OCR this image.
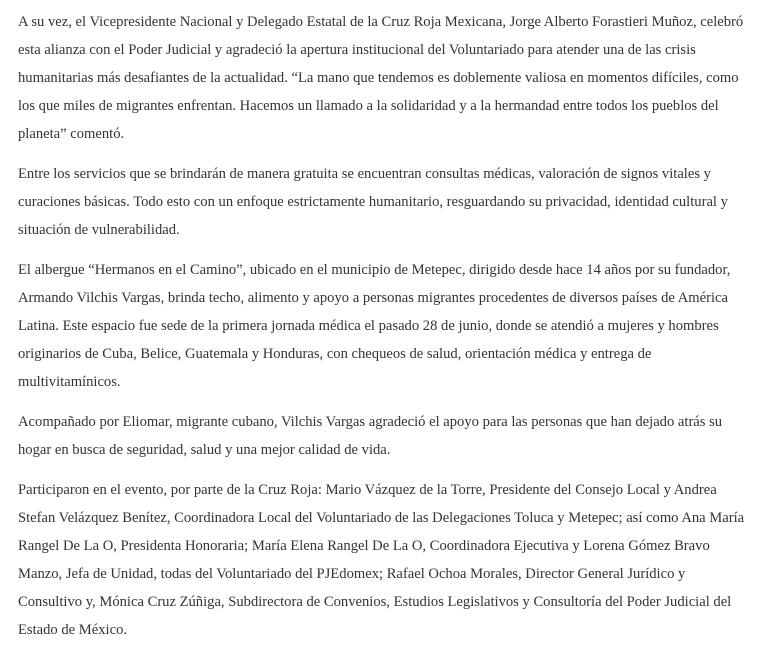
A su vez, el Vicepresidente Nacional y Delegado Estatal de la Cruz Roja Mexicana, Jorge Alberto Forastieri Muñoz, celebró esta alianza con el Poder Judicial y agradeció la apertura institucional del Voluntariado para atender una de las crisis humanitarias más desafiantes de la actualidad. “La mano que tendemos es doblemente valiosa en momentos difíciles, como los que miles de migrantes enfrentan. Hacemos un llamado a la solidaridad y a la hermandad entre todos los pueblos del planeta” comentó.

Entre los servicios que se brindarán de manera gratuita se encuentran consultas médicas, valoración de signos vitales y curaciones básicas. Todo esto con un enfoque estrictamente humanitario, resguardando su privacidad, identidad cultural y situación de vulnerabilidad.

El albergue “Hermanos en el Camino”, ubicado en el municipio de Metepec, dirigido desde hace 14 años por su fundador, Armando Vilchis Vargas, brinda techo, alimento y apoyo a personas migrantes procedentes de diversos países de América Latina. Este espacio fue sede de la primera jornada médica el pasado 28 de junio, donde se atendió a mujeres y hombres originarios de Cuba, Belice, Guatemala y Honduras, con chequeos de salud, orientación médica y entrega de multivitamínicos.

Acompañado por Eliomar, migrante cubano, Vilchis Vargas agradeció el apoyo para las personas que han dejado atrás su hogar en busca de seguridad, salud y una mejor calidad de vida.

Participaron en el evento, por parte de la Cruz Roja: Mario Vázquez de la Torre, Presidente del Consejo Local y Andrea Stefan Velázquez Benítez, Coordinadora Local del Voluntariado de las Delegaciones Toluca y Metepec; así como Ana María Rangel De La O, Presidenta Honoraria; María Elena Rangel De La O, Coordinadora Ejecutiva y Lorena Gómez Bravo Manzo, Jefa de Unidad, todas del Voluntariado del PJEdomex; Rafael Ochoa Morales, Director General Jurídico y Consultivo y, Mónica Cruz Zúñiga, Subdirectora de Convenios, Estudios Legislativos y Consultoría del Poder Judicial del Estado de México.
